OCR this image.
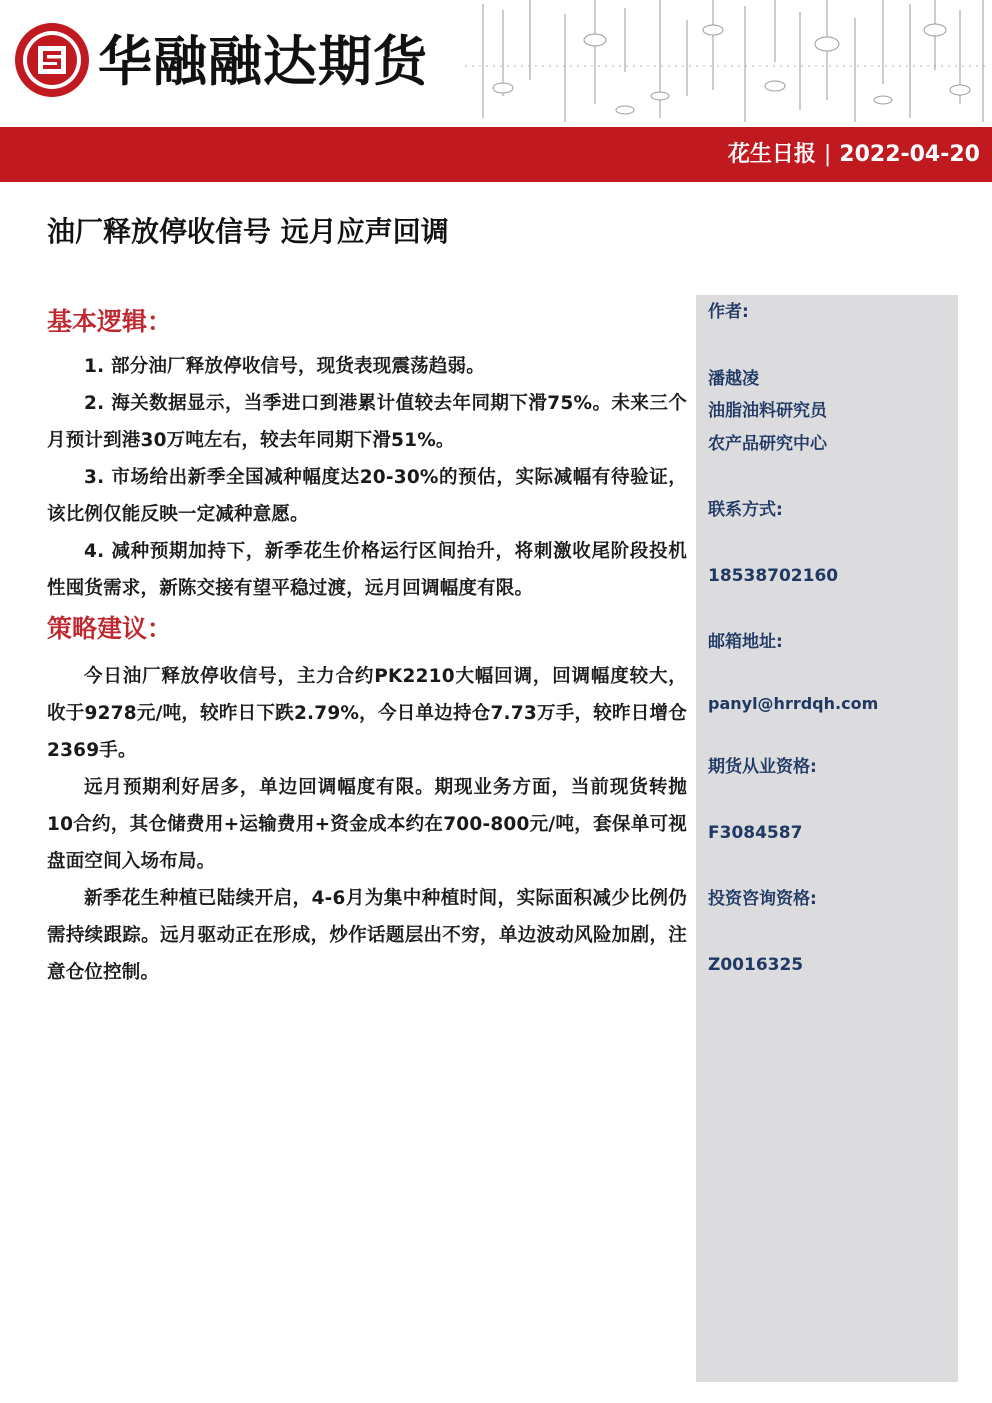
华融融达期货
花生日报 | 2022-04-20
油厂释放停收信号 远月应声回调
基本逻辑：

1. 部分油厂释放停收信号，现货表现震荡趋弱。

2. 海关数据显示，当季进口到港累计值较去年同期下滑75%。未来三个月预计到港30万吨左右，较去年同期下滑51%。

3. 市场给出新季全国减种幅度达20-30%的预估，实际减幅有待验证，该比例仅能反映一定减种意愿。

4. 减种预期加持下，新季花生价格运行区间抬升，将刺激收尾阶段投机性囤货需求，新陈交接有望平稳过渡，远月回调幅度有限。

策略建议：

今日油厂释放停收信号，主力合约PK2210大幅回调，回调幅度较大，收于9278元/吨，较昨日下跌2.79%，今日单边持仓7.73万手，较昨日增仓2369手。

远月预期利好居多，单边回调幅度有限。期现业务方面，当前现货转抛10合约，其仓储费用+运输费用+资金成本约在700-800元/吨，套保单可视盘面空间入场布局。

新季花生种植已陆续开启，4-6月为集中种植时间，实际面积减少比例仍需持续跟踪。远月驱动正在形成，炒作话题层出不穷，单边波动风险加剧，注意仓位控制。

作者:
潘越凌
油脂油料研究员
农产品研究中心
联系方式:
18538702160
邮箱地址:
panyl@hrrdqh.com
期货从业资格:
F3084587
投资咨询资格:
Z0016325
